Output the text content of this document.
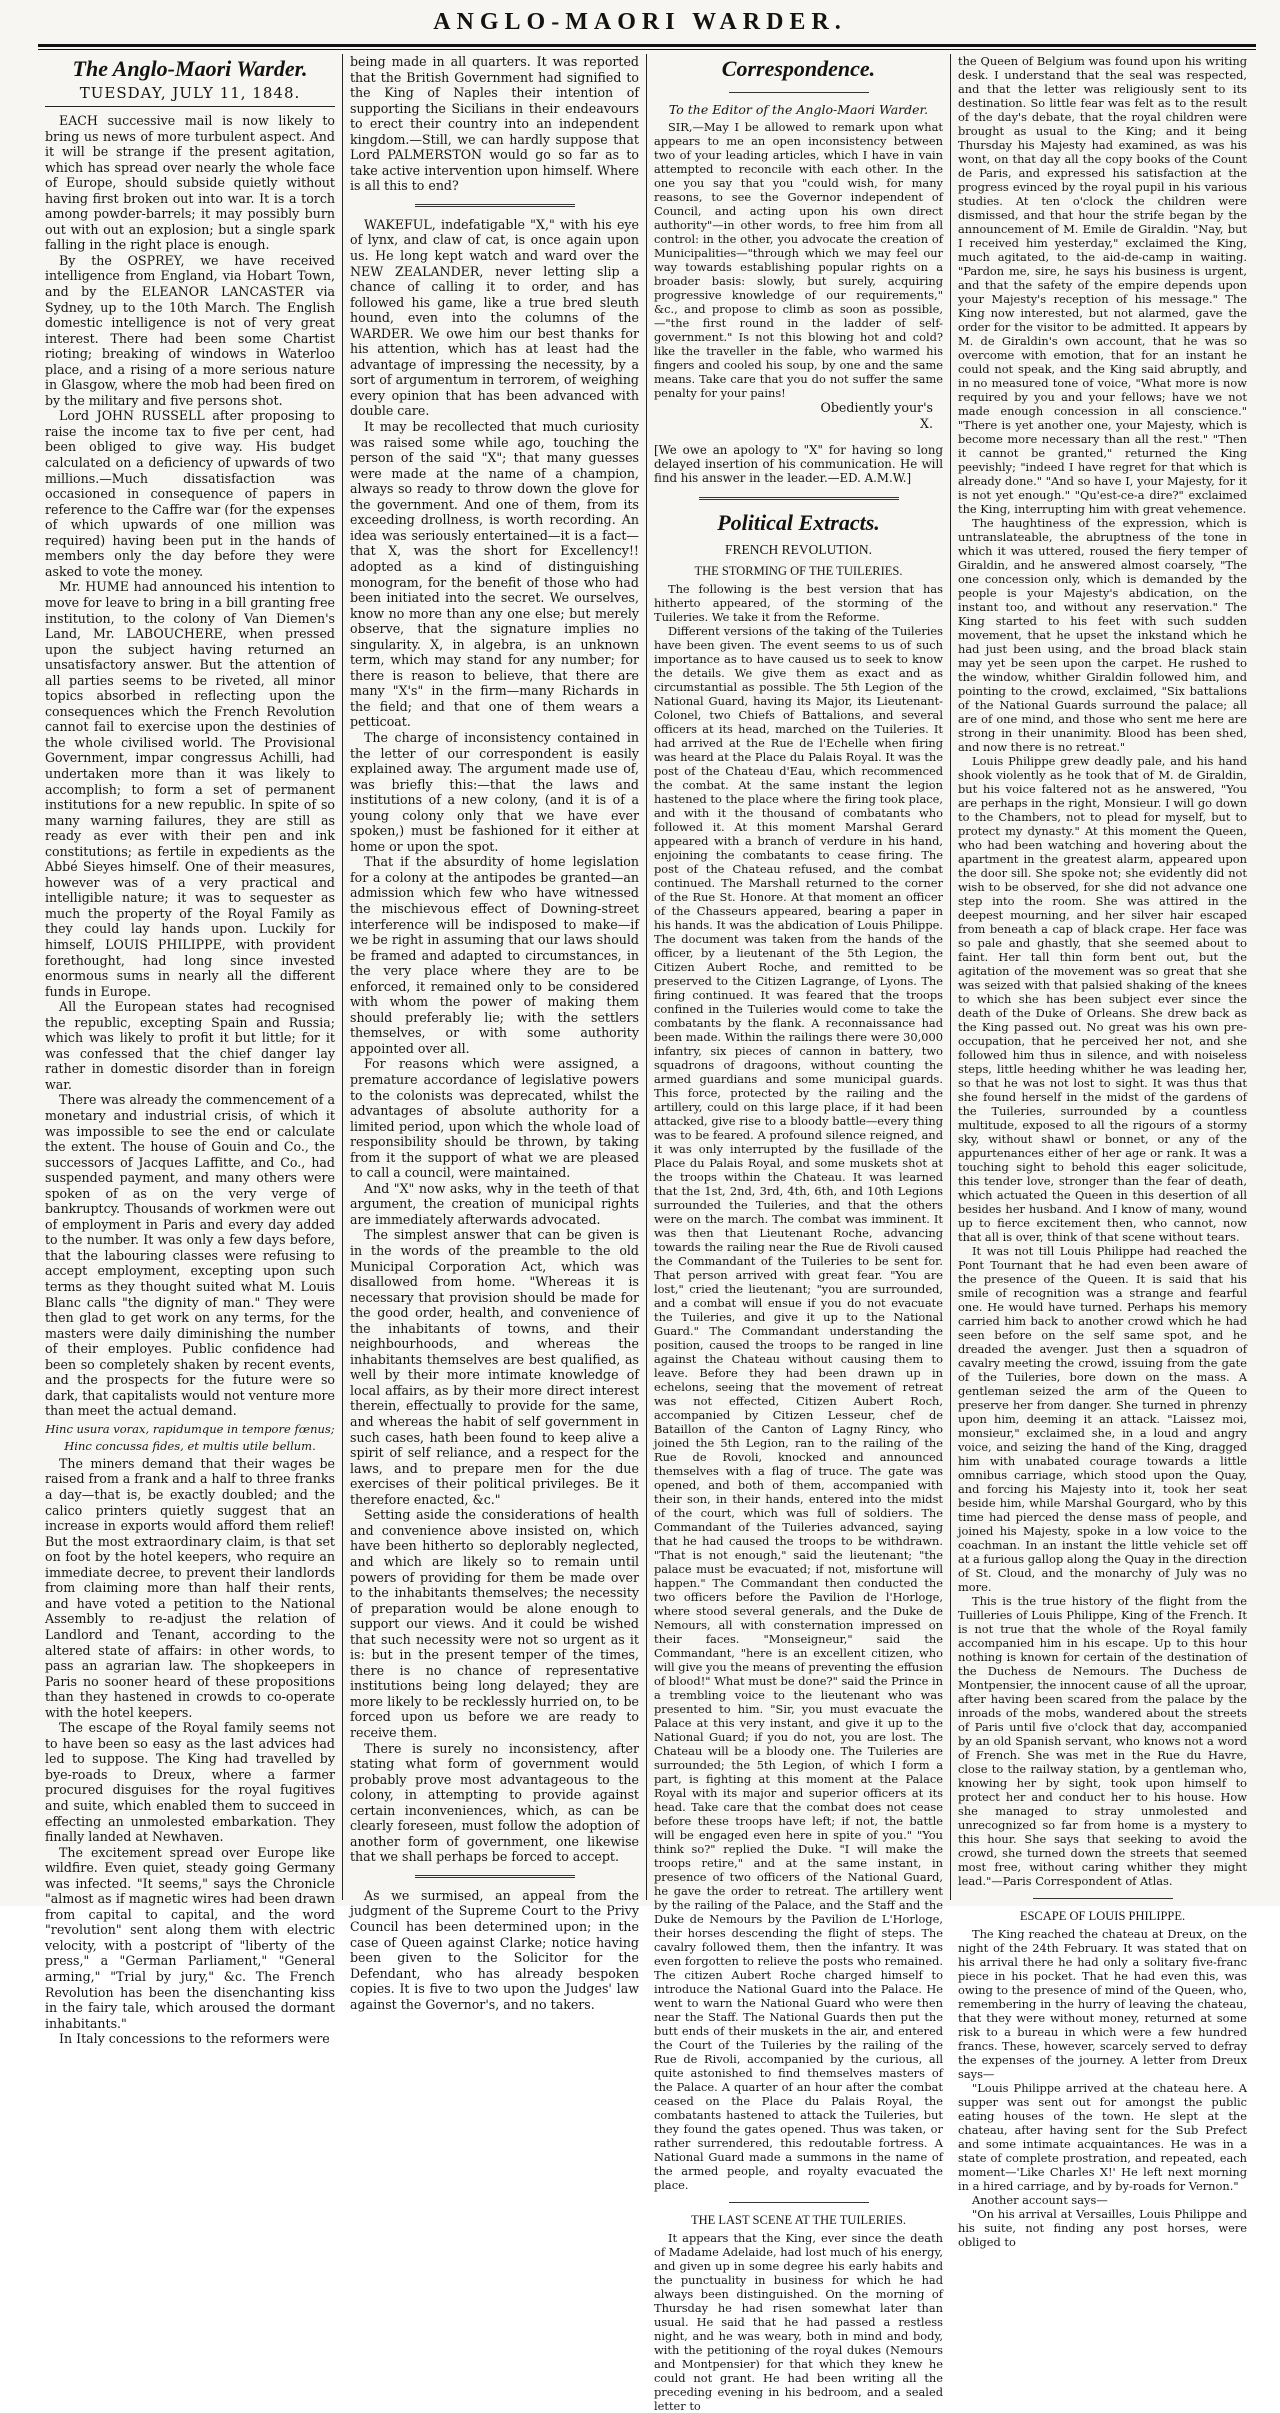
ANGLO-MAORI WARDER.
The Anglo-Maori Warder.
TUESDAY, JULY 11, 1848.

EACH successive mail is now likely to bring us news of more turbulent aspect. And it will be strange if the present agitation, which has spread over nearly the whole face of Europe, should subside quietly without having first broken out into war. It is a torch among powder-barrels; it may possibly burn out with out an explosion; but a single spark falling in the right place is enough.

By the OSPREY, we have received intelligence from England, via Hobart Town, and by the ELEANOR LANCASTER via Sydney, up to the 10th March. The English domestic intelligence is not of very great interest. There had been some Chartist rioting; breaking of windows in Waterloo place, and a rising of a more serious nature in Glasgow, where the mob had been fired on by the military and five persons shot.

Lord JOHN RUSSELL after proposing to raise the income tax to five per cent, had been obliged to give way. His budget calculated on a deficiency of upwards of two millions.—Much dissatisfaction was occasioned in consequence of papers in reference to the Caffre war (for the expenses of which upwards of one million was required) having been put in the hands of members only the day before they were asked to vote the money.

Mr. HUME had announced his intention to move for leave to bring in a bill granting free institution, to the colony of Van Diemen's Land, Mr. LABOUCHERE, when pressed upon the subject having returned an unsatisfactory answer. But the attention of all parties seems to be riveted, all minor topics absorbed in reflecting upon the consequences which the French Revolution cannot fail to exercise upon the destinies of the whole civilised world. The Provisional Government, impar congressus Achilli, had undertaken more than it was likely to accomplish; to form a set of permanent institutions for a new republic. In spite of so many warning failures, they are still as ready as ever with their pen and ink constitutions; as fertile in expedients as the Abbé Sieyes himself. One of their measures, however was of a very practical and intelligible nature; it was to sequester as much the property of the Royal Family as they could lay hands upon. Luckily for himself, LOUIS PHILIPPE, with provident forethought, had long since invested enormous sums in nearly all the different funds in Europe.

All the European states had recognised the republic, excepting Spain and Russia; which was likely to profit it but little; for it was confessed that the chief danger lay rather in domestic disorder than in foreign war.

There was already the commencement of a monetary and industrial crisis, of which it was impossible to see the end or calculate the extent. The house of Gouin and Co., the successors of Jacques Laffitte, and Co., had suspended payment, and many others were spoken of as on the very verge of bankruptcy. Thousands of workmen were out of employment in Paris and every day added to the number. It was only a few days before, that the labouring classes were refusing to accept employment, excepting upon such terms as they thought suited what M. Louis Blanc calls "the dignity of man." They were then glad to get work on any terms, for the masters were daily diminishing the number of their employes. Public confidence had been so completely shaken by recent events, and the prospects for the future were so dark, that capitalists would not venture more than meet the actual demand.

Hinc usura vorax, rapidumque in tempore fœnus;
Hinc concussa fides, et multis utile bellum.

The miners demand that their wages be raised from a frank and a half to three franks a day—that is, be exactly doubled; and the calico printers quietly suggest that an increase in exports would afford them relief! But the most extraordinary claim, is that set on foot by the hotel keepers, who require an immediate decree, to prevent their landlords from claiming more than half their rents, and have voted a petition to the National Assembly to re-adjust the relation of Landlord and Tenant, according to the altered state of affairs: in other words, to pass an agrarian law. The shopkeepers in Paris no sooner heard of these propositions than they hastened in crowds to co-operate with the hotel keepers.

The escape of the Royal family seems not to have been so easy as the last advices had led to suppose. The King had travelled by bye-roads to Dreux, where a farmer procured disguises for the royal fugitives and suite, which enabled them to succeed in effecting an unmolested embarkation. They finally landed at Newhaven.

The excitement spread over Europe like wildfire. Even quiet, steady going Germany was infected. "It seems," says the Chronicle "almost as if magnetic wires had been drawn from capital to capital, and the word "revolution" sent along them with electric velocity, with a postcript of "liberty of the press," a "German Parliament," "General arming," "Trial by jury," &c. The French Revolution has been the disenchanting kiss in the fairy tale, which aroused the dormant inhabitants."

In Italy concessions to the reformers were

being made in all quarters. It was reported that the British Government had signified to the King of Naples their intention of supporting the Sicilians in their endeavours to erect their country into an independent kingdom.—Still, we can hardly suppose that Lord PALMERSTON would go so far as to take active intervention upon himself. Where is all this to end?

WAKEFUL, indefatigable "X," with his eye of lynx, and claw of cat, is once again upon us. He long kept watch and ward over the NEW ZEALANDER, never letting slip a chance of calling it to order, and has followed his game, like a true bred sleuth hound, even into the columns of the WARDER. We owe him our best thanks for his attention, which has at least had the advantage of impressing the necessity, by a sort of argumentum in terrorem, of weighing every opinion that has been advanced with double care.

It may be recollected that much curiosity was raised some while ago, touching the person of the said "X"; that many guesses were made at the name of a champion, always so ready to throw down the glove for the government. And one of them, from its exceeding drollness, is worth recording. An idea was seriously entertained—it is a fact—that X, was the short for Excellency!! adopted as a kind of distinguishing monogram, for the benefit of those who had been initiated into the secret. We ourselves, know no more than any one else; but merely observe, that the signature implies no singularity. X, in algebra, is an unknown term, which may stand for any number; for there is reason to believe, that there are many "X's" in the firm—many Richards in the field; and that one of them wears a petticoat.

The charge of inconsistency contained in the letter of our correspondent is easily explained away. The argument made use of, was briefly this:—that the laws and institutions of a new colony, (and it is of a young colony only that we have ever spoken,) must be fashioned for it either at home or upon the spot.

That if the absurdity of home legislation for a colony at the antipodes be granted—an admission which few who have witnessed the mischievous effect of Downing-street interference will be indisposed to make—if we be right in assuming that our laws should be framed and adapted to circumstances, in the very place where they are to be enforced, it remained only to be considered with whom the power of making them should preferably lie; with the settlers themselves, or with some authority appointed over all.

For reasons which were assigned, a premature accordance of legislative powers to the colonists was deprecated, whilst the advantages of absolute authority for a limited period, upon which the whole load of responsibility should be thrown, by taking from it the support of what we are pleased to call a council, were maintained.

And "X" now asks, why in the teeth of that argument, the creation of municipal rights are immediately afterwards advocated.

The simplest answer that can be given is in the words of the preamble to the old Municipal Corporation Act, which was disallowed from home. "Whereas it is necessary that provision should be made for the good order, health, and convenience of the inhabitants of towns, and their neighbourhoods, and whereas the inhabitants themselves are best qualified, as well by their more intimate knowledge of local affairs, as by their more direct interest therein, effectually to provide for the same, and whereas the habit of self government in such cases, hath been found to keep alive a spirit of self reliance, and a respect for the laws, and to prepare men for the due exercises of their political privileges. Be it therefore enacted, &c."

Setting aside the considerations of health and convenience above insisted on, which have been hitherto so deplorably neglected, and which are likely so to remain until powers of providing for them be made over to the inhabitants themselves; the necessity of preparation would be alone enough to support our views. And it could be wished that such necessity were not so urgent as it is: but in the present temper of the times, there is no chance of representative institutions being long delayed; they are more likely to be recklessly hurried on, to be forced upon us before we are ready to receive them.

There is surely no inconsistency, after stating what form of government would probably prove most advantageous to the colony, in attempting to provide against certain inconveniences, which, as can be clearly foreseen, must follow the adoption of another form of government, one likewise that we shall perhaps be forced to accept.

As we surmised, an appeal from the judgment of the Supreme Court to the Privy Council has been determined upon; in the case of Queen against Clarke; notice having been given to the Solicitor for the Defendant, who has already bespoken copies. It is five to two upon the Judges' law against the Governor's, and no takers.

Correspondence.
To the Editor of the Anglo-Maori Warder.

SIR,—May I be allowed to remark upon what appears to me an open inconsistency between two of your leading articles, which I have in vain attempted to reconcile with each other. In the one you say that you "could wish, for many reasons, to see the Governor independent of Council, and acting upon his own direct authority"—in other words, to free him from all control: in the other, you advocate the creation of Municipalities—"through which we may feel our way towards establishing popular rights on a broader basis: slowly, but surely, acquiring progressive knowledge of our requirements," &c., and propose to climb as soon as possible,—"the first round in the ladder of self-government." Is not this blowing hot and cold? like the traveller in the fable, who warmed his fingers and cooled his soup, by one and the same means. Take care that you do not suffer the same penalty for your pains!

Obediently your's
X.

[We owe an apology to "X" for having so long delayed insertion of his communication. He will find his answer in the leader.—ED. A.M.W.]

Political Extracts.
FRENCH REVOLUTION.
THE STORMING OF THE TUILERIES.

The following is the best version that has hitherto appeared, of the storming of the Tuileries. We take it from the Reforme.

Different versions of the taking of the Tuileries have been given. The event seems to us of such importance as to have caused us to seek to know the details. We give them as exact and as circumstantial as possible. The 5th Legion of the National Guard, having its Major, its Lieutenant-Colonel, two Chiefs of Battalions, and several officers at its head, marched on the Tuileries. It had arrived at the Rue de l'Echelle when firing was heard at the Place du Palais Royal. It was the post of the Chateau d'Eau, which recommenced the combat. At the same instant the legion hastened to the place where the firing took place, and with it the thousand of combatants who followed it. At this moment Marshal Gerard appeared with a branch of verdure in his hand, enjoining the combatants to cease firing. The post of the Chateau refused, and the combat continued. The Marshall returned to the corner of the Rue St. Honore. At that moment an officer of the Chasseurs appeared, bearing a paper in his hands. It was the abdication of Louis Philippe. The document was taken from the hands of the officer, by a lieutenant of the 5th Legion, the Citizen Aubert Roche, and remitted to be preserved to the Citizen Lagrange, of Lyons. The firing continued. It was feared that the troops confined in the Tuileries would come to take the combatants by the flank. A reconnaissance had been made. Within the railings there were 30,000 infantry, six pieces of cannon in battery, two squadrons of dragoons, without counting the armed guardians and some municipal guards. This force, protected by the railing and the artillery, could on this large place, if it had been attacked, give rise to a bloody battle—every thing was to be feared. A profound silence reigned, and it was only interrupted by the fusillade of the Place du Palais Royal, and some muskets shot at the troops within the Chateau. It was learned that the 1st, 2nd, 3rd, 4th, 6th, and 10th Legions surrounded the Tuileries, and that the others were on the march. The combat was imminent. It was then that Lieutenant Roche, advancing towards the railing near the Rue de Rivoli caused the Commandant of the Tuileries to be sent for. That person arrived with great fear. "You are lost," cried the lieutenant; "you are surrounded, and a combat will ensue if you do not evacuate the Tuileries, and give it up to the National Guard." The Commandant understanding the position, caused the troops to be ranged in line against the Chateau without causing them to leave. Before they had been drawn up in echelons, seeing that the movement of retreat was not effected, Citizen Aubert Roch, accompanied by Citizen Lesseur, chef de Bataillon of the Canton of Lagny Rincy, who joined the 5th Legion, ran to the railing of the Rue de Rovoli, knocked and announced themselves with a flag of truce. The gate was opened, and both of them, accompanied with their son, in their hands, entered into the midst of the court, which was full of soldiers. The Commandant of the Tuileries advanced, saying that he had caused the troops to be withdrawn. "That is not enough," said the lieutenant; "the palace must be evacuated; if not, misfortune will happen." The Commandant then conducted the two officers before the Pavilion de l'Horloge, where stood several generals, and the Duke de Nemours, all with consternation impressed on their faces. "Monseigneur," said the Commandant, "here is an excellent citizen, who will give you the means of preventing the effusion of blood!" What must be done?" said the Prince in a trembling voice to the lieutenant who was presented to him. "Sir, you must evacuate the Palace at this very instant, and give it up to the National Guard; if you do not, you are lost. The Chateau will be a bloody one. The Tuileries are surrounded; the 5th Legion, of which I form a part, is fighting at this moment at the Palace Royal with its major and superior officers at its head. Take care that the combat does not cease before these troops have left; if not, the battle will be engaged even here in spite of you." "You think so?" replied the Duke. "I will make the troops retire," and at the same instant, in presence of two officers of the National Guard, he gave the order to retreat. The artillery went by the railing of the Palace, and the Staff and the Duke de Nemours by the Pavilion de L'Horloge, their horses descending the flight of steps. The cavalry followed them, then the infantry. It was even forgotten to relieve the posts who remained. The citizen Aubert Roche charged himself to introduce the National Guard into the Palace. He went to warn the National Guard who were then near the Staff. The National Guards then put the butt ends of their muskets in the air, and entered the Court of the Tuileries by the railing of the Rue de Rivoli, accompanied by the curious, all quite astonished to find themselves masters of the Palace. A quarter of an hour after the combat ceased on the Place du Palais Royal, the combatants hastened to attack the Tuileries, but they found the gates opened. Thus was taken, or rather surrendered, this redoutable fortress. A National Guard made a summons in the name of the armed people, and royalty evacuated the place.

THE LAST SCENE AT THE TUILERIES.

It appears that the King, ever since the death of Madame Adelaide, had lost much of his energy, and given up in some degree his early habits and the punctuality in business for which he had always been distinguished. On the morning of Thursday he had risen somewhat later than usual. He said that he had passed a restless night, and he was weary, both in mind and body, with the petitioning of the royal dukes (Nemours and Montpensier) for that which they knew he could not grant. He had been writing all the preceding evening in his bedroom, and a sealed letter to

the Queen of Belgium was found upon his writing desk. I understand that the seal was respected, and that the letter was religiously sent to its destination. So little fear was felt as to the result of the day's debate, that the royal children were brought as usual to the King; and it being Thursday his Majesty had examined, as was his wont, on that day all the copy books of the Count de Paris, and expressed his satisfaction at the progress evinced by the royal pupil in his various studies. At ten o'clock the children were dismissed, and that hour the strife began by the announcement of M. Emile de Giraldin. "Nay, but I received him yesterday," exclaimed the King, much agitated, to the aid-de-camp in waiting. "Pardon me, sire, he says his business is urgent, and that the safety of the empire depends upon your Majesty's reception of his message." The King now interested, but not alarmed, gave the order for the visitor to be admitted. It appears by M. de Giraldin's own account, that he was so overcome with emotion, that for an instant he could not speak, and the King said abruptly, and in no measured tone of voice, "What more is now required by you and your fellows; have we not made enough concession in all conscience." "There is yet another one, your Majesty, which is become more necessary than all the rest." "Then it cannot be granted," returned the King peevishly; "indeed I have regret for that which is already done." "And so have I, your Majesty, for it is not yet enough." "Qu'est-ce-a dire?" exclaimed the King, interrupting him with great vehemence.

The haughtiness of the expression, which is untranslateable, the abruptness of the tone in which it was uttered, roused the fiery temper of Giraldin, and he answered almost coarsely, "The one concession only, which is demanded by the people is your Majesty's abdication, on the instant too, and without any reservation." The King started to his feet with such sudden movement, that he upset the inkstand which he had just been using, and the broad black stain may yet be seen upon the carpet. He rushed to the window, whither Giraldin followed him, and pointing to the crowd, exclaimed, "Six battalions of the National Guards surround the palace; all are of one mind, and those who sent me here are strong in their unanimity. Blood has been shed, and now there is no retreat."

Louis Philippe grew deadly pale, and his hand shook violently as he took that of M. de Giraldin, but his voice faltered not as he answered, "You are perhaps in the right, Monsieur. I will go down to the Chambers, not to plead for myself, but to protect my dynasty." At this moment the Queen, who had been watching and hovering about the apartment in the greatest alarm, appeared upon the door sill. She spoke not; she evidently did not wish to be observed, for she did not advance one step into the room. She was attired in the deepest mourning, and her silver hair escaped from beneath a cap of black crape. Her face was so pale and ghastly, that she seemed about to faint. Her tall thin form bent out, but the agitation of the movement was so great that she was seized with that palsied shaking of the knees to which she has been subject ever since the death of the Duke of Orleans. She drew back as the King passed out. No great was his own pre-occupation, that he perceived her not, and she followed him thus in silence, and with noiseless steps, little heeding whither he was leading her, so that he was not lost to sight. It was thus that she found herself in the midst of the gardens of the Tuileries, surrounded by a countless multitude, exposed to all the rigours of a stormy sky, without shawl or bonnet, or any of the appurtenances either of her age or rank. It was a touching sight to behold this eager solicitude, this tender love, stronger than the fear of death, which actuated the Queen in this desertion of all besides her husband. And I know of many, wound up to fierce excitement then, who cannot, now that all is over, think of that scene without tears.

It was not till Louis Philippe had reached the Pont Tournant that he had even been aware of the presence of the Queen. It is said that his smile of recognition was a strange and fearful one. He would have turned. Perhaps his memory carried him back to another crowd which he had seen before on the self same spot, and he dreaded the avenger. Just then a squadron of cavalry meeting the crowd, issuing from the gate of the Tuileries, bore down on the mass. A gentleman seized the arm of the Queen to preserve her from danger. She turned in phrenzy upon him, deeming it an attack. "Laissez moi, monsieur," exclaimed she, in a loud and angry voice, and seizing the hand of the King, dragged him with unabated courage towards a little omnibus carriage, which stood upon the Quay, and forcing his Majesty into it, took her seat beside him, while Marshal Gourgard, who by this time had pierced the dense mass of people, and joined his Majesty, spoke in a low voice to the coachman. In an instant the little vehicle set off at a furious gallop along the Quay in the direction of St. Cloud, and the monarchy of July was no more.

This is the true history of the flight from the Tuilleries of Louis Philippe, King of the French. It is not true that the whole of the Royal family accompanied him in his escape. Up to this hour nothing is known for certain of the destination of the Duchess de Nemours. The Duchess de Montpensier, the innocent cause of all the uproar, after having been scared from the palace by the inroads of the mobs, wandered about the streets of Paris until five o'clock that day, accompanied by an old Spanish servant, who knows not a word of French. She was met in the Rue du Havre, close to the railway station, by a gentleman who, knowing her by sight, took upon himself to protect her and conduct her to his house. How she managed to stray unmolested and unrecognized so far from home is a mystery to this hour. She says that seeking to avoid the crowd, she turned down the streets that seemed most free, without caring whither they might lead."—Paris Correspondent of Atlas.

ESCAPE OF LOUIS PHILIPPE.

The King reached the chateau at Dreux, on the night of the 24th February. It was stated that on his arrival there he had only a solitary five-franc piece in his pocket. That he had even this, was owing to the presence of mind of the Queen, who, remembering in the hurry of leaving the chateau, that they were without money, returned at some risk to a bureau in which were a few hundred francs. These, however, scarcely served to defray the expenses of the journey. A letter from Dreux says—

"Louis Philippe arrived at the chateau here. A supper was sent out for amongst the public eating houses of the town. He slept at the chateau, after having sent for the Sub Prefect and some intimate acquaintances. He was in a state of complete prostration, and repeated, each moment—'Like Charles X!' He left next morning in a hired carriage, and by by-roads for Vernon."

Another account says—

"On his arrival at Versailles, Louis Philippe and his suite, not finding any post horses, were obliged to
